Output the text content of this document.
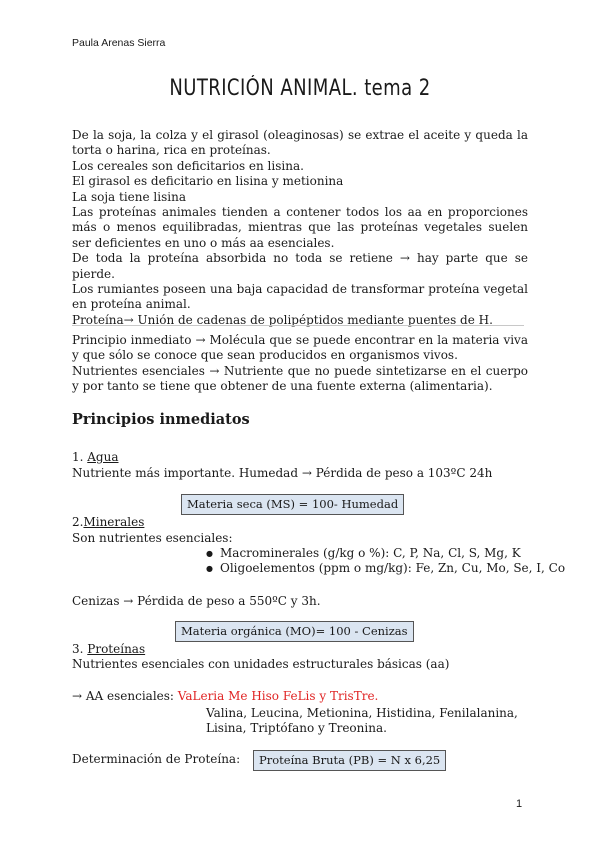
Paula Arenas Sierra
NUTRICIÓN ANIMAL. tema 2

De la soja, la colza y el girasol (oleaginosas) se extrae el aceite y queda la torta o harina, rica en proteínas.

Los cereales son deficitarios en lisina.

El girasol es deficitario en lisina y metionina

La soja tiene lisina

Las proteínas animales tienden a contener todos los aa en proporciones más o menos equilibradas, mientras que las proteínas vegetales suelen ser deficientes en uno o más aa esenciales.

De toda la proteína absorbida no toda se retiene → hay parte que se pierde.

Los rumiantes poseen una baja capacidad de transformar proteína vegetal en proteína animal.

Proteína→ Unión de cadenas de polipéptidos mediante puentes de H.

Principio inmediato → Molécula que se puede encontrar en la materia viva y que sólo se conoce que sean producidos en organismos vivos.

Nutrientes esenciales → Nutriente que no puede sintetizarse en el cuerpo y por tanto se tiene que obtener de una fuente externa (alimentaria).

Principios inmediatos
1. Agua
Nutriente más importante. Humedad → Pérdida de peso a 103ºC 24h
Materia seca (MS) = 100- Humedad
2.Minerales
Son nutrientes esenciales:
● Macrominerales (g/kg o %): C, P, Na, Cl, S, Mg, K
● Oligoelementos (ppm o mg/kg): Fe, Zn, Cu, Mo, Se, I, Co
Cenizas → Pérdida de peso a 550ºC y 3h.
Materia orgánica (MO)= 100 - Cenizas
3. Proteínas
Nutrientes esenciales con unidades estructurales básicas (aa)
→ AA esenciales: VaLeria Me Hiso FeLis y TrisTre.
Valina, Leucina, Metionina, Histidina, Fenilalanina, Lisina, Triptófano y Treonina.
Determinación de Proteína:	Proteína Bruta (PB) = N x 6,25
1
